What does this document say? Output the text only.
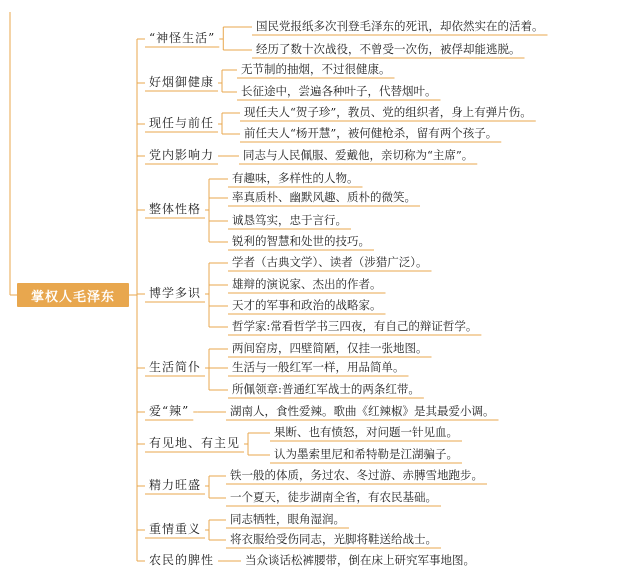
掌权人毛泽东
“神怪生活”
国民党报纸多次刊登毛泽东的死讯，却依然实在的活着。
经历了数十次战役，不曾受一次伤，被俘却能逃脱。
好烟御健康
无节制的抽烟，不过很健康。
长征途中，尝遍各种叶子，代替烟叶。
现任与前任
现任夫人“贺子珍”，教员、党的组织者，身上有弹片伤。
前任夫人“杨开慧”，被何健枪杀，留有两个孩子。
党内影响力	同志与人民佩服、爱戴他，亲切称为“主席”。
整体性格
有趣味，多样性的人物。
率真质朴、幽默风趣、质朴的微笑。
诚恳笃实，忠于言行。
锐利的智慧和处世的技巧。
博学多识
学者（古典文学）、读者（涉猎广泛）。
雄辩的演说家、杰出的作者。
天才的军事和政治的战略家。
哲学家:常看哲学书三四夜，有自己的辩证哲学。
生活简仆
两间窑房，四壁简陋，仅挂一张地图。
生活与一般红军一样，用品简单。
所佩领章:普通红军战士的两条红带。
爱“辣”	湖南人，食性爱辣。歌曲《红辣椒》是其最爱小调。
有见地、有主见
果断、也有愤怒，对问题一针见血。
认为墨索里尼和希特勒是江湖骗子。
精力旺盛
铁一般的体质，务过农、冬过游、赤膊雪地跑步。
一个夏天，徒步湖南全省，有农民基础。
重情重义
同志牺牲，眼角湿润。
将衣服给受伤同志，光脚将鞋送给战士。
农民的脾性	当众谈话松裤腰带，倒在床上研究军事地图。
